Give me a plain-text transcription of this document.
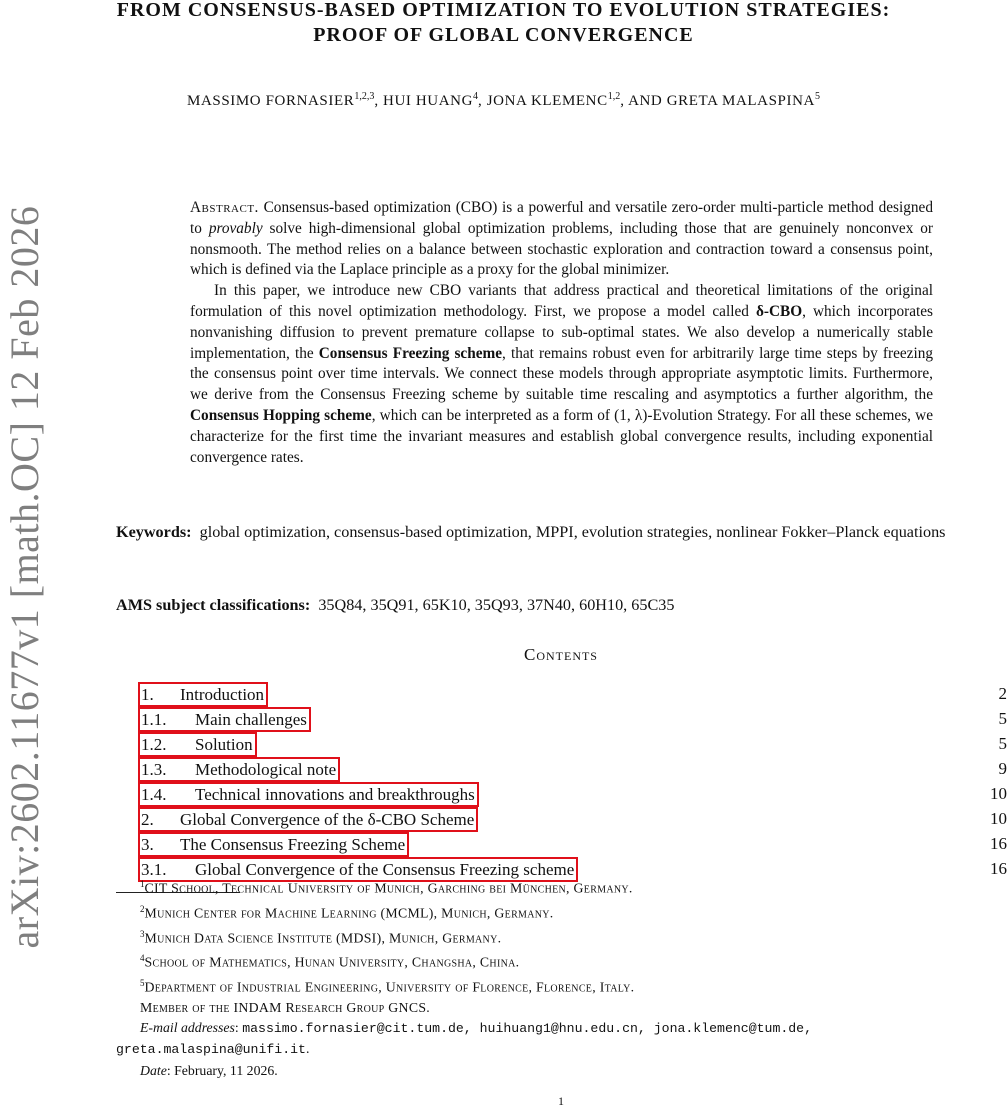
arXiv:2602.11677v1 [math.OC] 12 Feb 2026
FROM CONSENSUS-BASED OPTIMIZATION TO EVOLUTION STRATEGIES:
PROOF OF GLOBAL CONVERGENCE
MASSIMO FORNASIER$^{1,2,3}$, HUI HUANG$^4$, JONA KLEMENC$^{1,2}$, AND GRETA MALASPINA$^5$

Abstract. Consensus-based optimization (CBO) is a powerful and versatile zero-order multi-particle method designed to provably solve high-dimensional global optimization problems, including those that are genuinely nonconvex or nonsmooth. The method relies on a balance between stochastic exploration and contraction toward a consensus point, which is defined via the Laplace principle as a proxy for the global minimizer.

In this paper, we introduce new CBO variants that address practical and theoretical limitations of the original formulation of this novel optimization methodology. First, we propose a model called δ-CBO, which incorporates nonvanishing diffusion to prevent premature collapse to sub-optimal states. We also develop a numerically stable implementation, the Consensus Freezing scheme, that remains robust even for arbitrarily large time steps by freezing the consensus point over time intervals. We connect these models through appropriate asymptotic limits. Furthermore, we derive from the Consensus Freezing scheme by suitable time rescaling and asymptotics a further algorithm, the Consensus Hopping scheme, which can be interpreted as a form of (1, λ)-Evolution Strategy. For all these schemes, we characterize for the first time the invariant measures and establish global convergence results, including exponential convergence rates.

Keywords: global optimization, consensus-based optimization, MPPI, evolution strategies, nonlinear Fokker–Planck equations
AMS subject classifications: 35Q84, 35Q91, 65K10, 35Q93, 37N40, 60H10, 65C35
Contents
1. Introduction	2
1.1. Main challenges	5
1.2. Solution	5
1.3. Methodological note	9
1.4. Technical innovations and breakthroughs	10
2. Global Convergence of the δ-CBO Scheme	10
3. The Consensus Freezing Scheme	16
3.1. Global Convergence of the Consensus Freezing scheme	16

$^1$CIT School, Technical University of Munich, Garching bei München, Germany.

$^2$Munich Center for Machine Learning (MCML), Munich, Germany.

$^3$Munich Data Science Institute (MDSI), Munich, Germany.

$^4$School of Mathematics, Hunan University, Changsha, China.

$^5$Department of Industrial Engineering, University of Florence, Florence, Italy.

Member of the INDAM Research Group GNCS.

E-mail addresses: massimo.fornasier@cit.tum.de, huihuang1@hnu.edu.cn, jona.klemenc@tum.de,

greta.malaspina@unifi.it.

Date: February, 11 2026.

1
